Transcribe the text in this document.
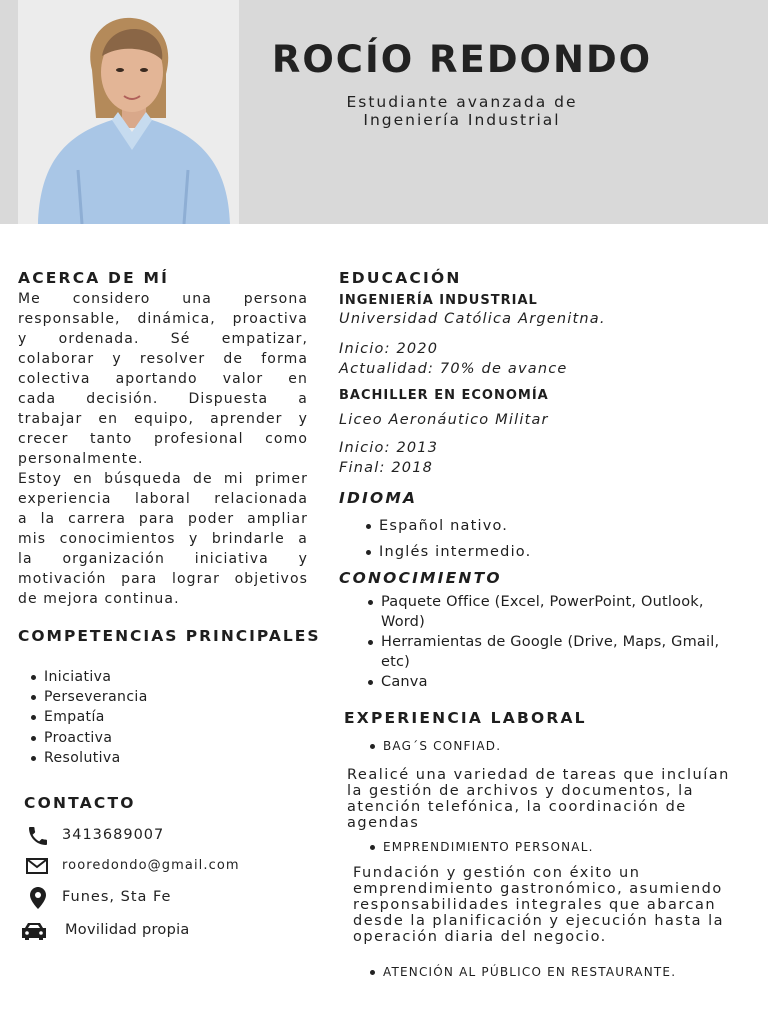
ROCÍO REDONDO
Estudiante avanzada de
Ingeniería Industrial
ACERCA DE MÍ
Me considero una persona
responsable, dinámica, proactiva
y ordenada. Sé empatizar,
colaborar y resolver de forma
colectiva aportando valor en
cada decisión. Dispuesta a
trabajar en equipo, aprender y
crecer tanto profesional como
personalmente.
Estoy en búsqueda de mi primer
experiencia laboral relacionada
a la carrera para poder ampliar
mis conocimientos y brindarle a
la organización iniciativa y
motivación para lograr objetivos
de mejora continua.
COMPETENCIAS PRINCIPALES
Iniciativa
Perseverancia
Empatía
Proactiva
Resolutiva
CONTACTO
3413689007
rooredondo@gmail.com
Funes, Sta Fe
Movilidad propia
EDUCACIÓN
INGENIERÍA INDUSTRIAL
Universidad Católica Argenitna.
Inicio: 2020
Actualidad: 70% de avance
BACHILLER EN ECONOMÍA
Liceo Aeronáutico Militar
Inicio: 2013
Final: 2018
IDIOMA
Español nativo.
Inglés intermedio.
CONOCIMIENTO
Paquete Office (Excel, PowerPoint, Outlook,
Word)
Herramientas de Google (Drive, Maps, Gmail,
etc)
Canva
EXPERIENCIA LABORAL
BAG´S CONFIAD.
Realicé una variedad de tareas que incluían
la gestión de archivos y documentos, la
atención telefónica, la coordinación de
agendas
EMPRENDIMIENTO PERSONAL.
Fundación y gestión con éxito un
emprendimiento gastronómico, asumiendo
responsabilidades integrales que abarcan
desde la planificación y ejecución hasta la
operación diaria del negocio.
ATENCIÓN AL PÚBLICO EN RESTAURANTE.
